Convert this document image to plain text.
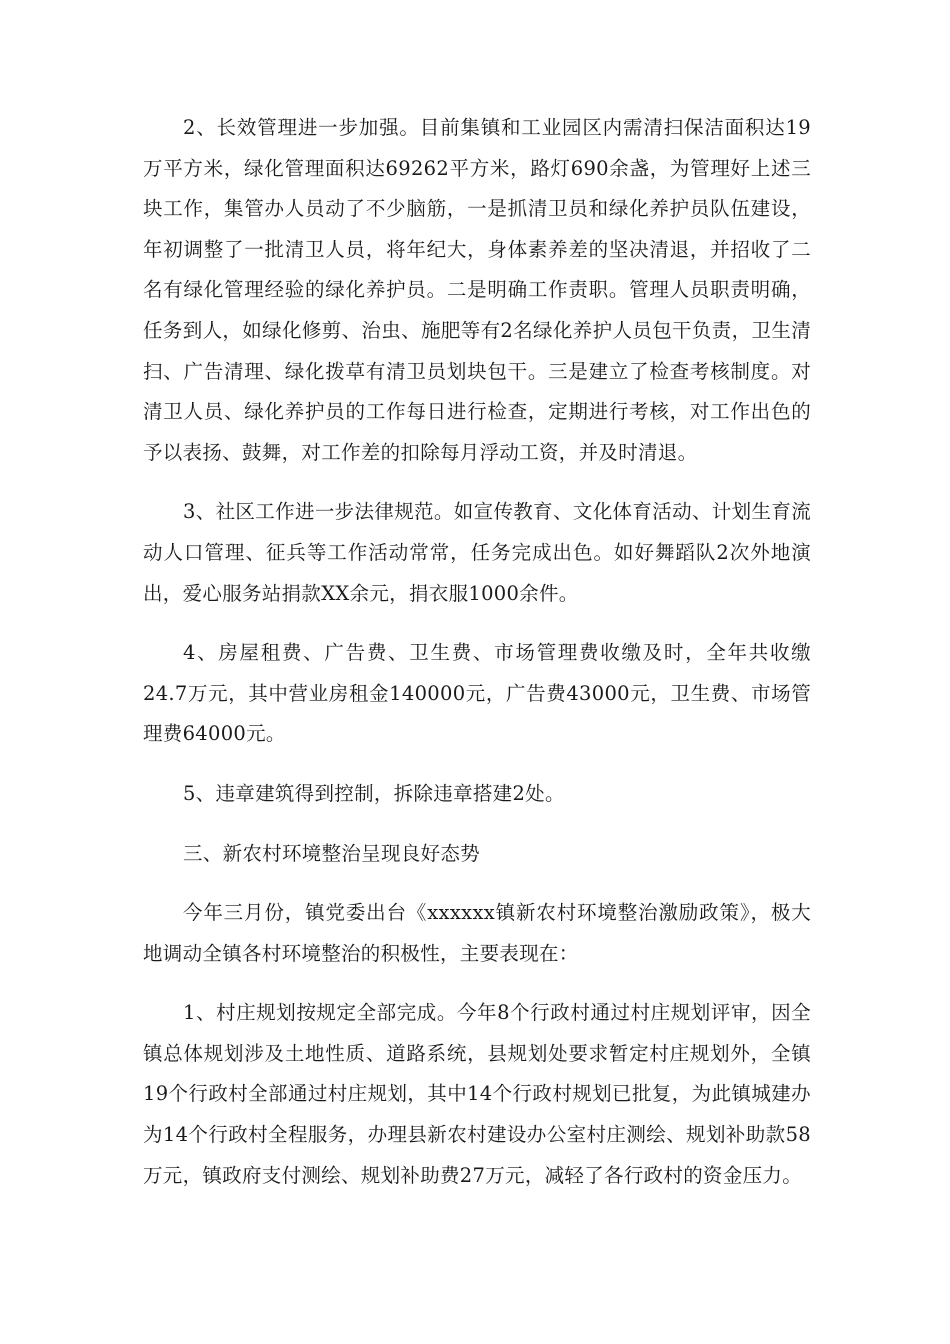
2、长效管理进一步加强。目前集镇和工业园区内需清扫保洁面积达19万平方米，绿化管理面积达69262平方米，路灯690余盏，为管理好上述三块工作，集管办人员动了不少脑筋，一是抓清卫员和绿化养护员队伍建设，年初调整了一批清卫人员，将年纪大，身体素养差的坚决清退，并招收了二名有绿化管理经验的绿化养护员。二是明确工作责职。管理人员职责明确，任务到人，如绿化修剪、治虫、施肥等有2名绿化养护人员包干负责，卫生清扫、广告清理、绿化拨草有清卫员划块包干。三是建立了检查考核制度。对清卫人员、绿化养护员的工作每日进行检查，定期进行考核，对工作出色的予以表扬、鼓舞，对工作差的扣除每月浮动工资，并及时清退。

3、社区工作进一步法律规范。如宣传教育、文化体育活动、计划生育流动人口管理、征兵等工作活动常常，任务完成出色。如好舞蹈队2次外地演出，爱心服务站捐款XX余元，捐衣服1000余件。

4、房屋租费、广告费、卫生费、市场管理费收缴及时，全年共收缴24.7万元，其中营业房租金140000元，广告费43000元，卫生费、市场管理费64000元。

5、违章建筑得到控制，拆除违章搭建2处。

三、新农村环境整治呈现良好态势

今年三月份，镇党委出台《xxxxxx镇新农村环境整治激励政策》，极大地调动全镇各村环境整治的积极性，主要表现在：

1、村庄规划按规定全部完成。今年8个行政村通过村庄规划评审，因全镇总体规划涉及土地性质、道路系统，县规划处要求暂定村庄规划外，全镇19个行政村全部通过村庄规划，其中14个行政村规划已批复，为此镇城建办为14个行政村全程服务，办理县新农村建设办公室村庄测绘、规划补助款58万元，镇政府支付测绘、规划补助费27万元，减轻了各行政村的资金压力。
